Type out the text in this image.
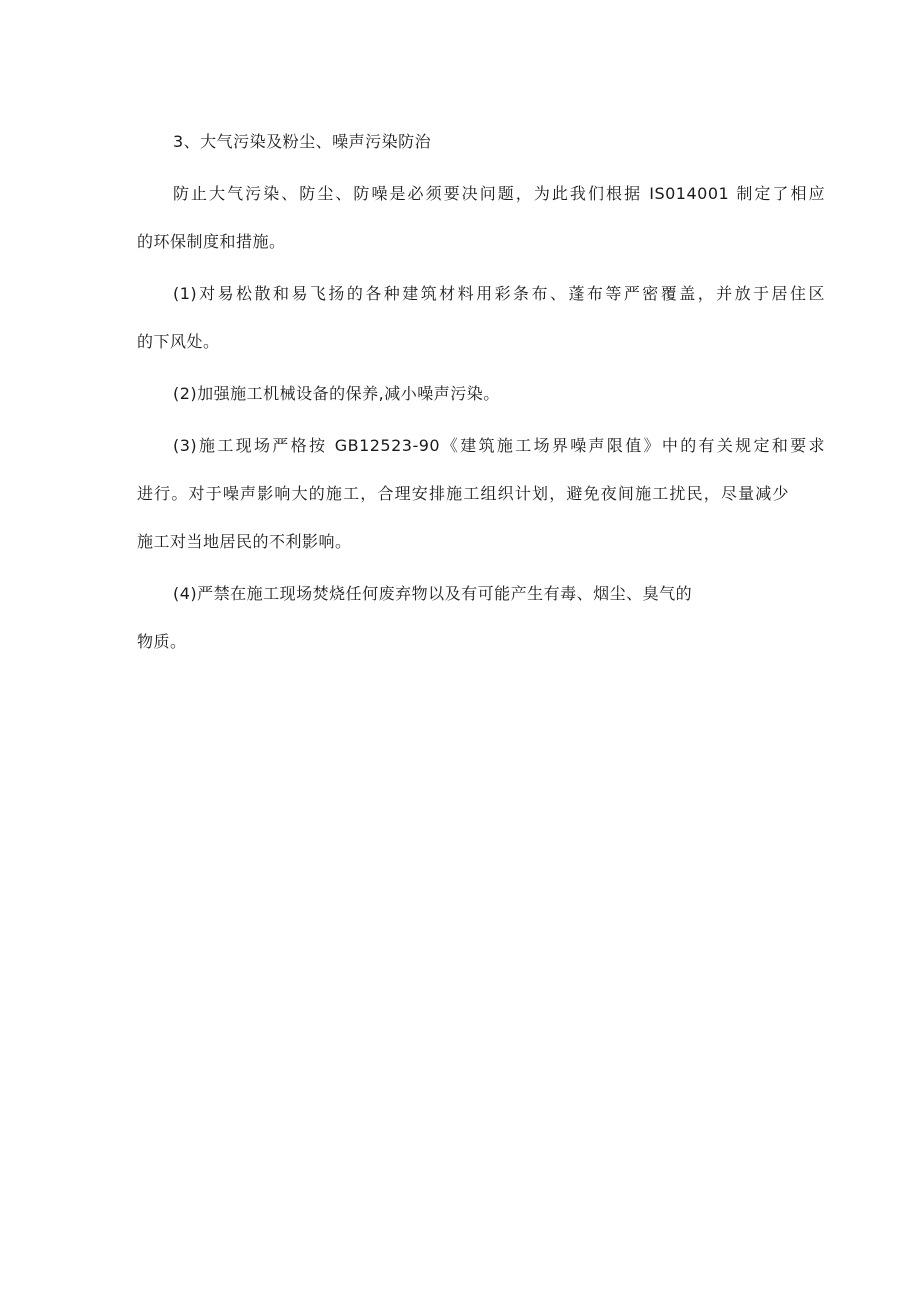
3、大气污染及粉尘、噪声污染防治
防止大气污染、防尘、防噪是必须要决问题，为此我们根据 IS014001 制定了相应
的环保制度和措施。
(1)对易松散和易飞扬的各种建筑材料用彩条布、蓬布等严密覆盖，并放于居住区
的下风处。
(2)加强施工机械设备的保养,减小噪声污染。
(3)施工现场严格按 GB12523-90《建筑施工场界噪声限值》中的有关规定和要求
进行。对于噪声影响大的施工，合理安排施工组织计划，避免夜间施工扰民，尽量减少
施工对当地居民的不利影响。
(4)严禁在施工现场焚烧任何废弃物以及有可能产生有毒、烟尘、臭气的
物质。
